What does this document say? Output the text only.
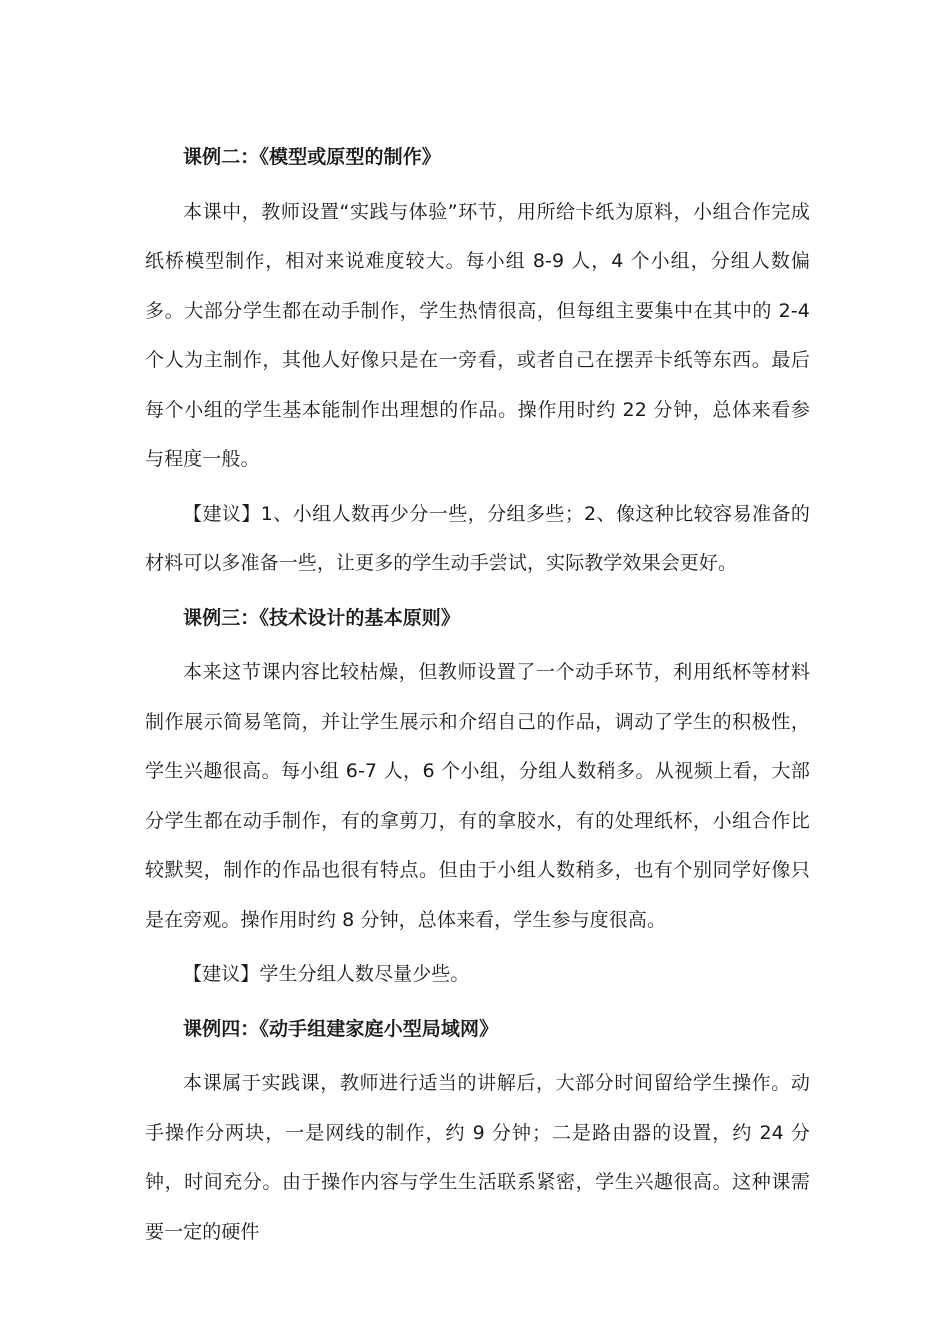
课例二：《模型或原型的制作》

本课中，教师设置“实践与体验”环节，用所给卡纸为原料，小组合作完成纸桥模型制作，相对来说难度较大。每小组 8-9 人，4 个小组，分组人数偏多。大部分学生都在动手制作，学生热情很高，但每组主要集中在其中的 2-4 个人为主制作，其他人好像只是在一旁看，或者自己在摆弄卡纸等东西。最后每个小组的学生基本能制作出理想的作品。操作用时约 22 分钟，总体来看参与程度一般。

【建议】1、小组人数再少分一些，分组多些；2、像这种比较容易准备的材料可以多准备一些，让更多的学生动手尝试，实际教学效果会更好。

课例三：《技术设计的基本原则》

本来这节课内容比较枯燥，但教师设置了一个动手环节，利用纸杯等材料制作展示简易笔筒，并让学生展示和介绍自己的作品，调动了学生的积极性，学生兴趣很高。每小组 6-7 人，6 个小组，分组人数稍多。从视频上看，大部分学生都在动手制作，有的拿剪刀，有的拿胶水，有的处理纸杯，小组合作比较默契，制作的作品也很有特点。但由于小组人数稍多，也有个别同学好像只是在旁观。操作用时约 8 分钟，总体来看，学生参与度很高。

【建议】学生分组人数尽量少些。

课例四：《动手组建家庭小型局域网》

本课属于实践课，教师进行适当的讲解后，大部分时间留给学生操作。动手操作分两块，一是网线的制作，约 9 分钟；二是路由器的设置，约 24 分钟，时间充分。由于操作内容与学生生活联系紧密，学生兴趣很高。这种课需要一定的硬件
